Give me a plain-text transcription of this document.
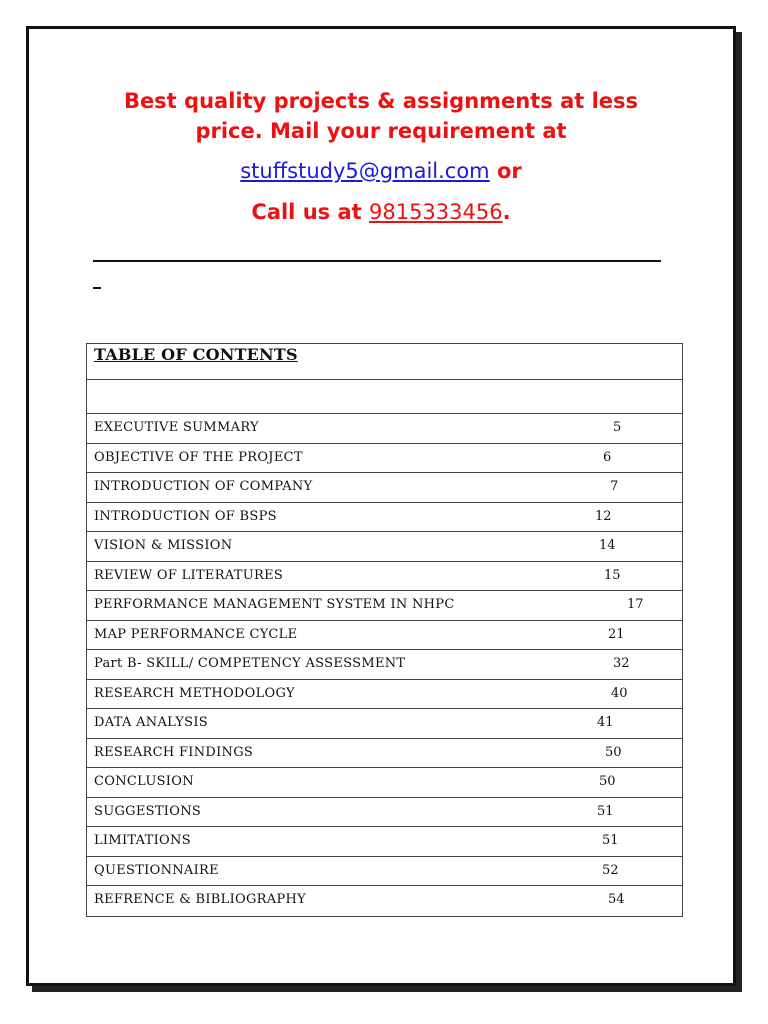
Best quality projects & assignments at less
price. Mail your requirement at
stuffstudy5@gmail.com or
Call us at 9815333456.
TABLE OF CONTENTS
EXECUTIVE SUMMARY	5
OBJECTIVE OF THE PROJECT	6
INTRODUCTION OF COMPANY	7
INTRODUCTION OF BSPS	12
VISION & MISSION	14
REVIEW OF LITERATURES	15
PERFORMANCE MANAGEMENT SYSTEM IN NHPC	17
MAP PERFORMANCE CYCLE	21
Part B- SKILL/ COMPETENCY ASSESSMENT	32
RESEARCH METHODOLOGY	40
DATA ANALYSIS	41
RESEARCH FINDINGS	50
CONCLUSION	50
SUGGESTIONS	51
LIMITATIONS	51
QUESTIONNAIRE	52
REFRENCE & BIBLIOGRAPHY	54
